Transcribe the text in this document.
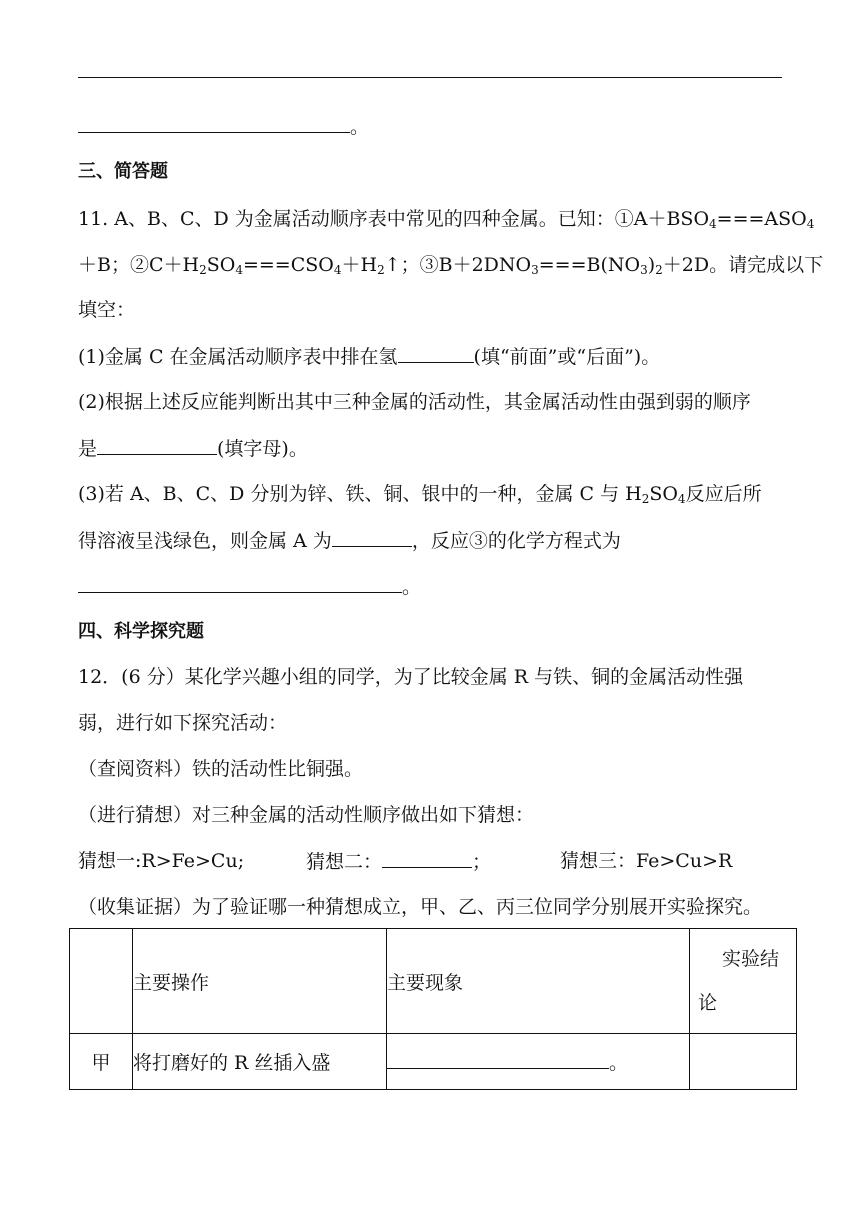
。
三、简答题
11. A、B、C、D 为金属活动顺序表中常见的四种金属。已知：$①A+BSO_4===ASO_4$
＋B；$②C+H_2SO_4===CSO_4+H_2↑$；$③B+2DNO_3===B(NO_3)_2+2D$。请完成以下
填空：
(1)金属 C 在金属活动顺序表中排在氢	(填“前面”或“后面”)。
(2)根据上述反应能判断出其中三种金属的活动性，其金属活动性由强到弱的顺序
是	(填字母)。
(3)若 A、B、C、D 分别为锌、铁、铜、银中的一种，金属 C 与 $H_2SO_4$反应后所
得溶液呈浅绿色，则金属 A 为	，反应③的化学方程式为
。
四、科学探究题
12．(6 分）某化学兴趣小组的同学，为了比较金属 R 与铁、铜的金属活动性强
弱，进行如下探究活动：
（查阅资料）铁的活动性比铜强。
（进行猜想）对三种金属的活动性顺序做出如下猜想：
猜想一:R>Fe>Cu;	猜想二：	；	猜想三：Fe>Cu>R
（收集证据）为了验证哪一种猜想成立，甲、乙、丙三位同学分别展开实验探究。
	主要操作	主要现象	实验结
论

甲	将打磨好的 R 丝插入盛	。	
